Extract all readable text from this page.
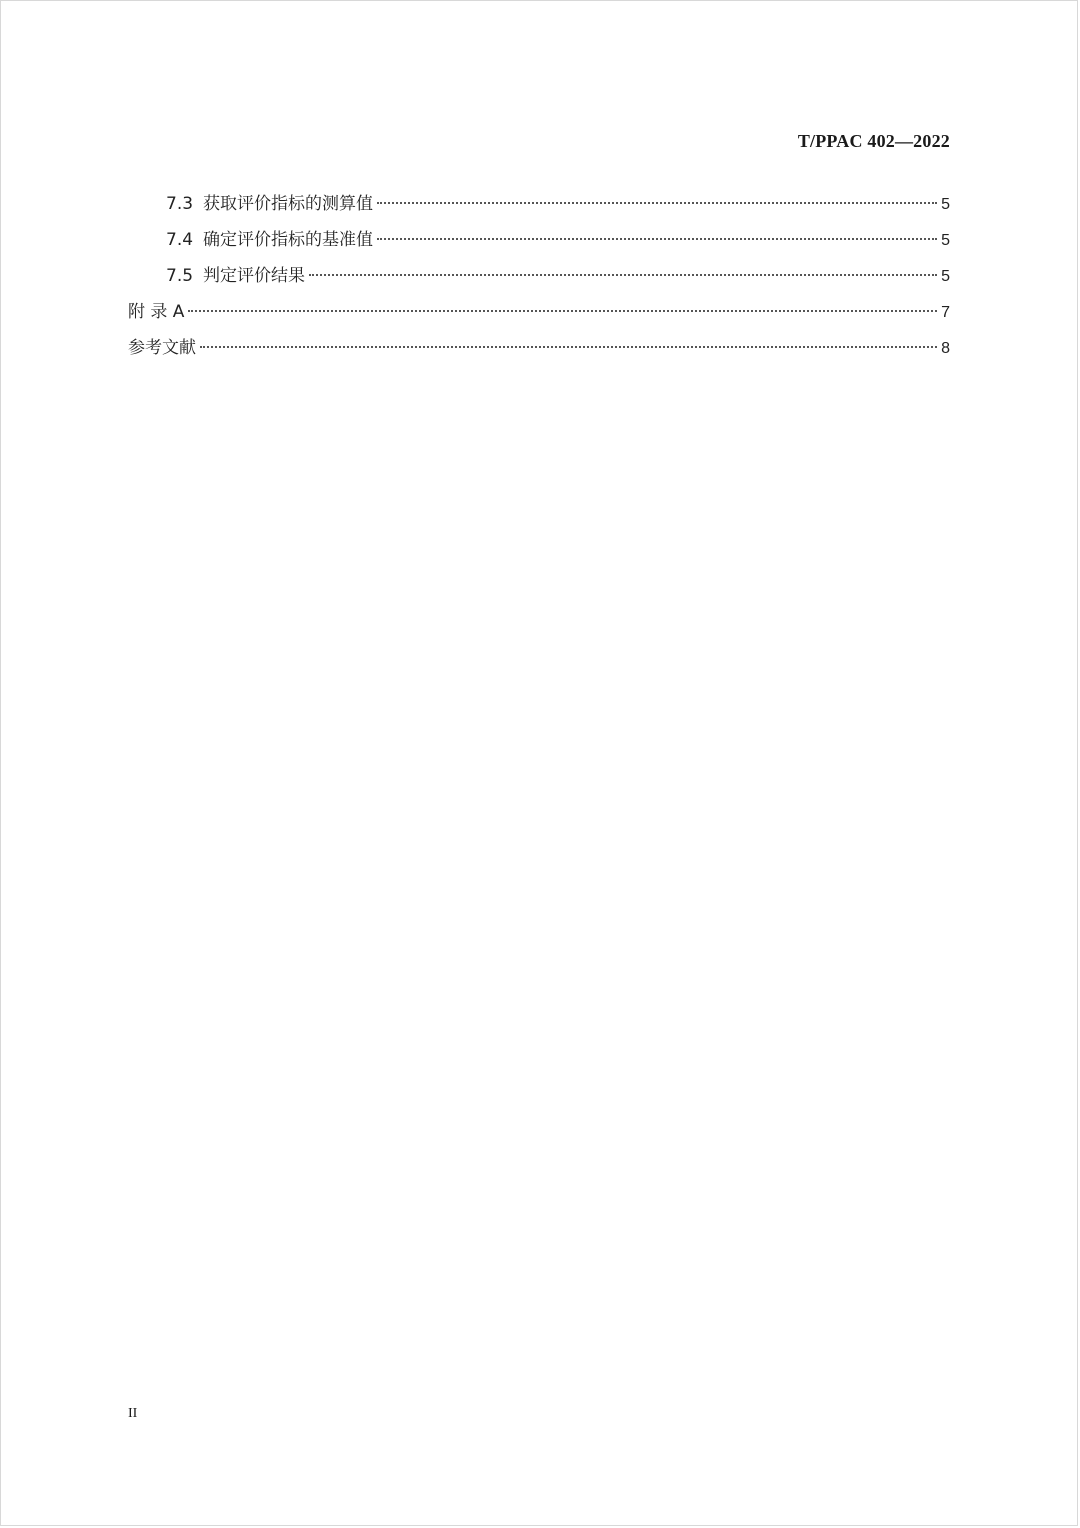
T/PPAC 402—2022
7.3 获取评价指标的测算值	5
7.4 确定评价指标的基准值	5
7.5 判定评价结果	5
附 录 A	7
参考文献	8
II
